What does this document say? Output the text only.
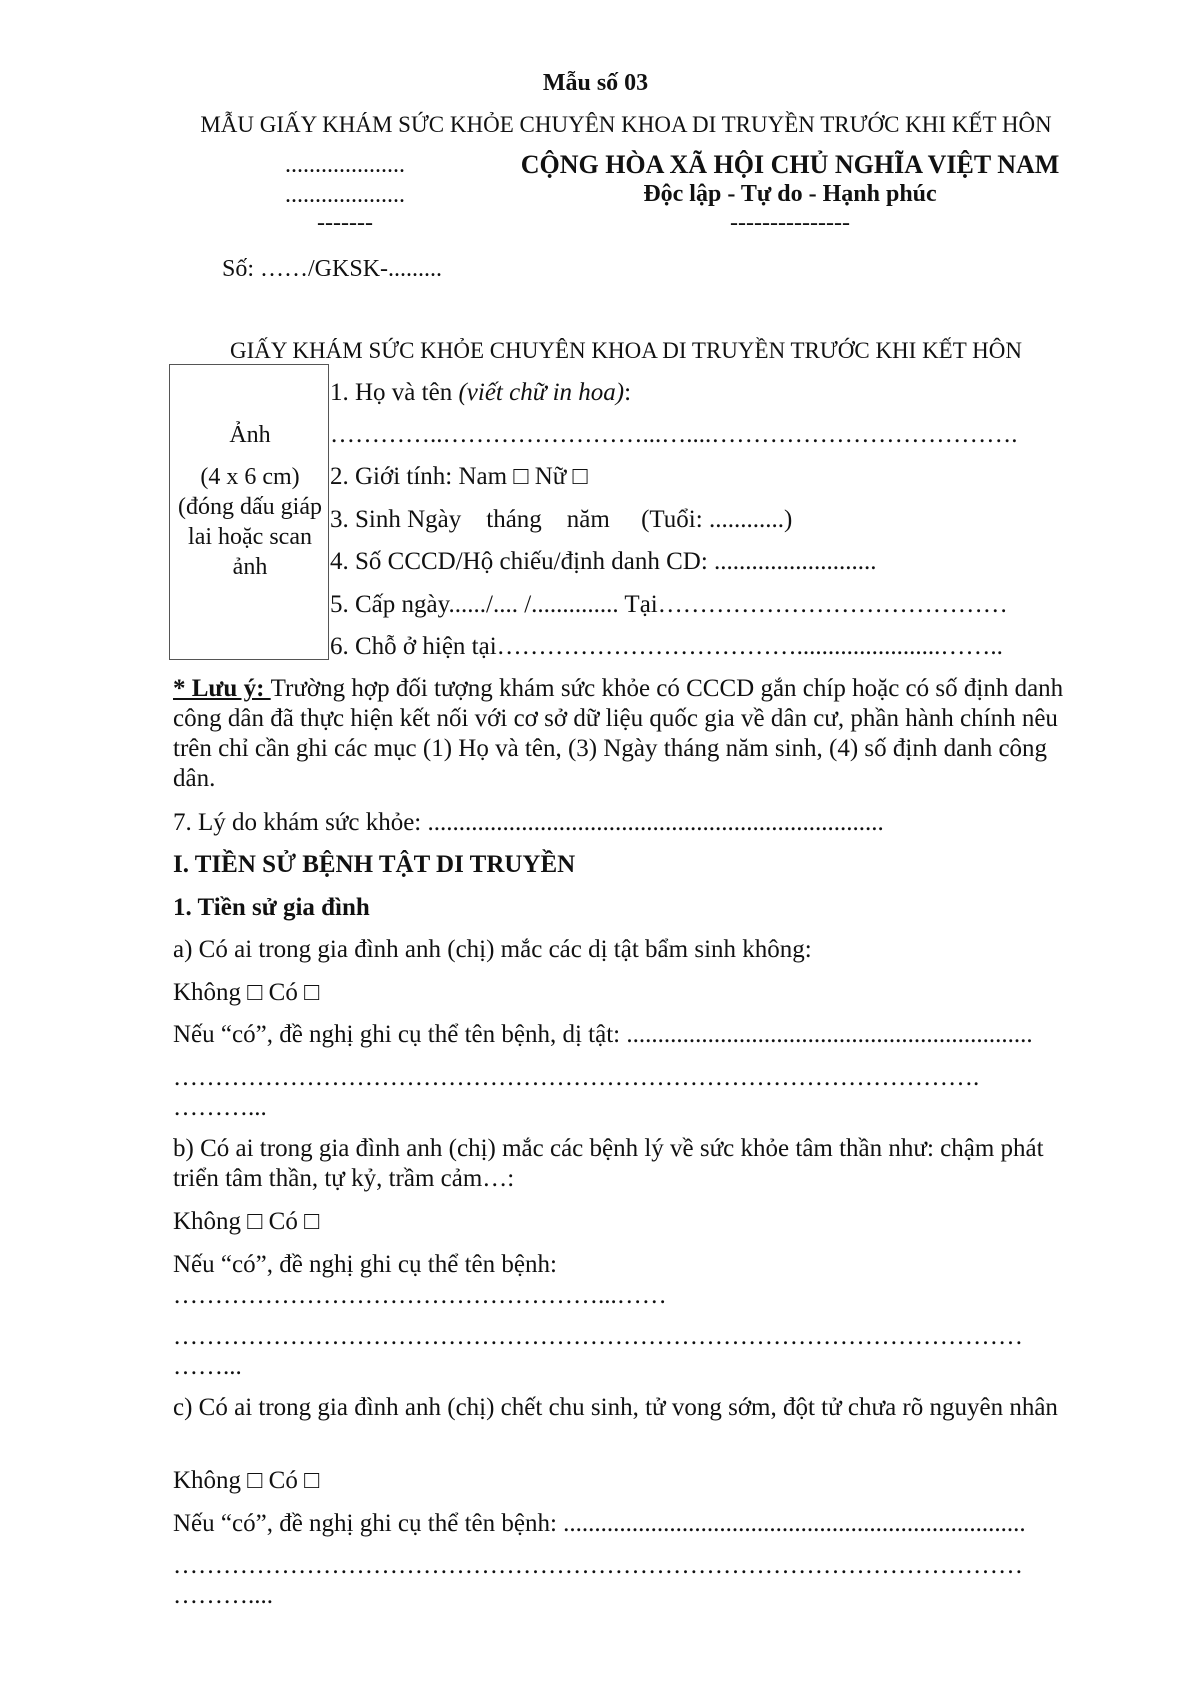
Mẫu số 03
MẪU GIẤY KHÁM SỨC KHỎE CHUYÊN KHOA DI TRUYỀN TRƯỚC KHI KẾT HÔN
....................
....................
-------
CỘNG HÒA XÃ HỘI CHỦ NGHĨA VIỆT NAM
Độc lập - Tự do - Hạnh phúc
---------------
Số: ……/GKSK-.........
GIẤY KHÁM SỨC KHỎE CHUYÊN KHOA DI TRUYỀN TRƯỚC KHI KẾT HÔN
Ảnh
(4 x 6 cm)
(đóng dấu giáp
lai hoặc scan
ảnh
1. Họ và tên (viết chữ in hoa):
…………..……………………...…....……………………………….
2. Giới tính: Nam □ Nữ □
3. Sinh Ngày    tháng    năm     (Tuổi: ............)
4. Số CCCD/Hộ chiếu/định danh CD: ..........................
5. Cấp ngày....../.... /.............. Tại……………………………………
6. Chỗ ở hiện tại……………………………….......................……..
* Lưu ý: Trường hợp đối tượng khám sức khỏe có CCCD gắn chíp hoặc có số định danh công dân đã thực hiện kết nối với cơ sở dữ liệu quốc gia về dân cư, phần hành chính nêu trên chỉ cần ghi các mục (1) Họ và tên, (3) Ngày tháng năm sinh, (4) số định danh công dân.
7. Lý do khám sức khỏe: .........................................................................
I. TIỀN SỬ BỆNH TẬT DI TRUYỀN
1. Tiền sử gia đình
a) Có ai trong gia đình anh (chị) mắc các dị tật bẩm sinh không:
Không □ Có □
Nếu “có”, đề nghị ghi cụ thể tên bệnh, dị tật: .................................................................
…………………………………………………………………………………….
………...
b) Có ai trong gia đình anh (chị) mắc các bệnh lý về sức khỏe tâm thần như: chậm phát triển tâm thần, tự kỷ, trầm cảm…:
Không □ Có □
Nếu “có”, đề nghị ghi cụ thể tên bệnh:
……………………………………………...……
…………………………………………………………………………………………
……...
c) Có ai trong gia đình anh (chị) chết chu sinh, tử vong sớm, đột tử chưa rõ nguyên nhân
Không □ Có □
Nếu “có”, đề nghị ghi cụ thể tên bệnh: ..........................................................................
…………………………………………………………………………………………
………....
